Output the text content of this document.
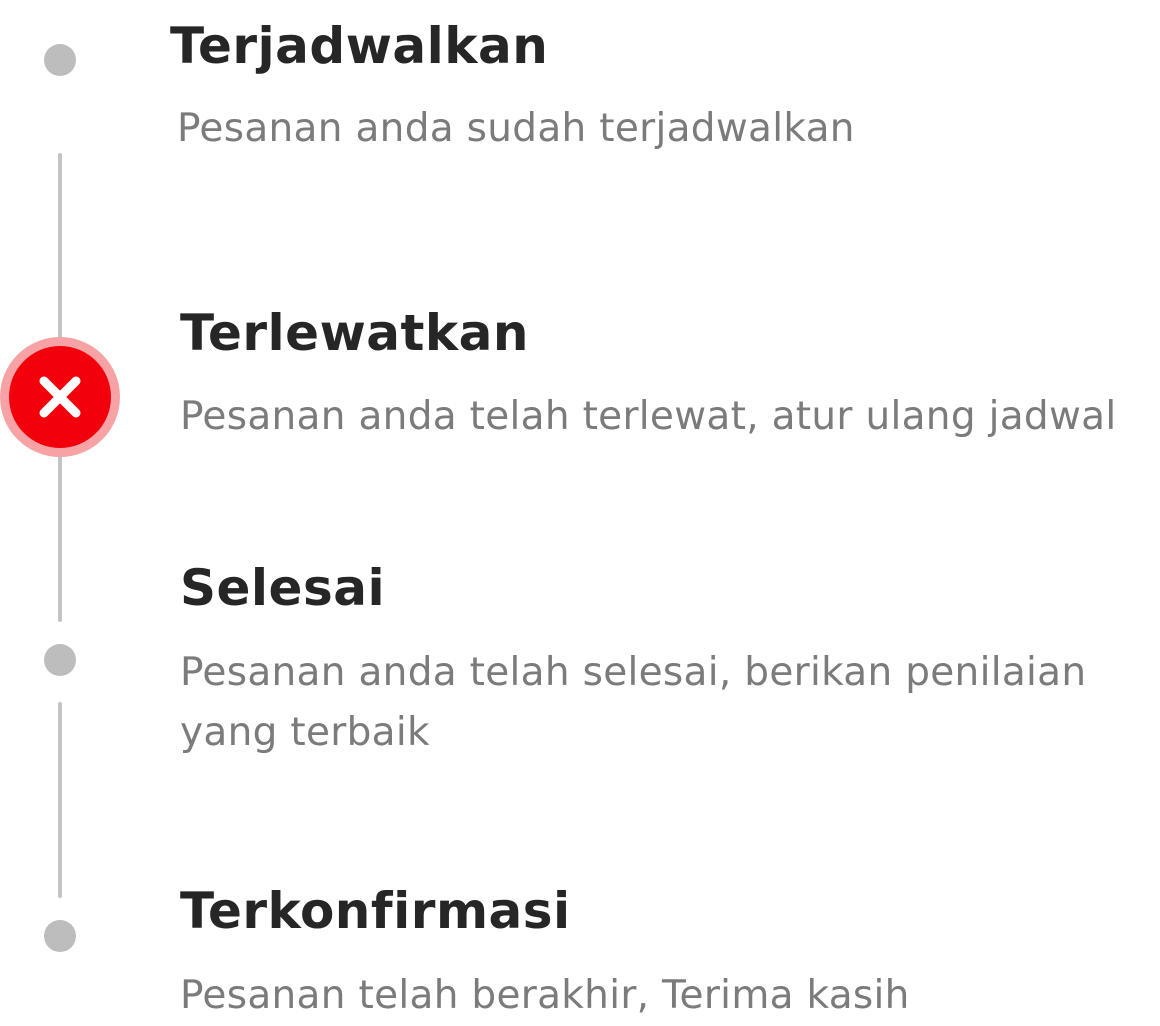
Terjadwalkan

Pesanan anda sudah terjadwalkan

Terlewatkan

Pesanan anda telah terlewat, atur ulang jadwal

Selesai

Pesanan anda telah selesai, berikan penilaian yang terbaik

Terkonfirmasi

Pesanan telah berakhir, Terima kasih
